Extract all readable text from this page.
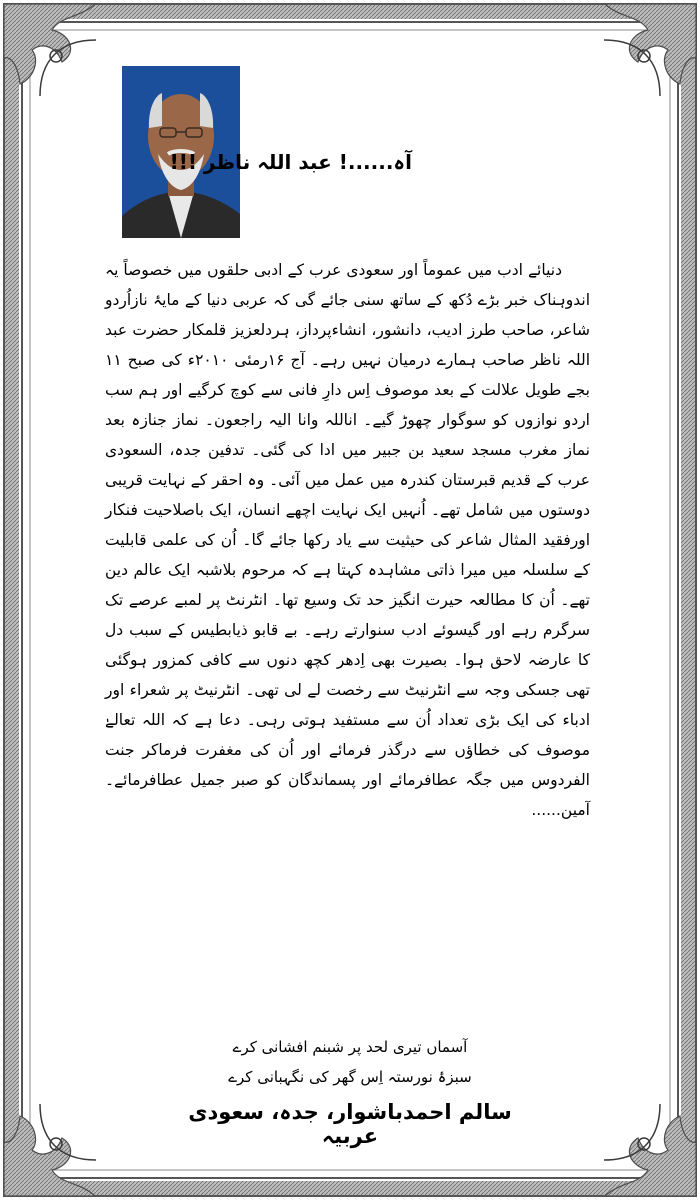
آہ......! عبد اللہ ناظر !!!

دنیائے ادب میں عموماً اور سعودی عرب کے ادبی حلقوں میں خصوصاً یہ اندوہناک خبر بڑے دُکھ کے ساتھ سنی جائے گی کہ عربی دنیا کے مایۂ نازاُردو شاعر، صاحب طرز ادیب، دانشور، انشاءپرداز، ہردلعزیز قلمکار حضرت عبد اللہ ناظر صاحب ہمارے درمیان نہیں رہے۔ آج ۱۶رمئی ۲۰۱۰ء کی صبح ۱۱ بجے طویل علالت کے بعد موصوف اِس دارِ فانی سے کوچ کرگیے اور ہم سب اردو نوازوں کو سوگوار چھوڑ گیے۔ اناللہ وانا الیہ راجعون۔ نماز جنازہ بعد نماز مغرب مسجد سعید بن جبیر میں ادا کی گئی۔ تدفین جدہ، السعودی عرب کے قدیم قبرستان کندرہ میں عمل میں آئی۔ وہ احقر کے نہایت قریبی دوستوں میں شامل تھے۔ اُنہیں ایک نہایت اچھے انسان، ایک باصلاحیت فنکار اورفقید المثال شاعر کی حیثیت سے یاد رکھا جائے گا۔ اُن کی علمی قابلیت کے سلسلہ میں میرا ذاتی مشاہدہ کہتا ہے کہ مرحوم بلاشبہ ایک عالم دین تھے۔ اُن کا مطالعہ حیرت انگیز حد تک وسیع تھا۔ انٹرنٹ پر لمبے عرصے تک سرگرم رہے اور گیسوئے ادب سنوارتے رہے۔ بے قابو ذیابطیس کے سبب دل کا عارضہ لاحق ہوا۔ بصیرت بھی اِدھر کچھ دنوں سے کافی کمزور ہوگئی تھی جسکی وجہ سے انٹرنیٹ سے رخصت لے لی تھی۔ انٹرنیٹ پر شعراء اور ادباء کی ایک بڑی تعداد اُن سے مستفید ہوتی رہی۔ دعا ہے کہ اللہ تعالےٰ موصوف کی خطاؤں سے درگذر فرمائے اور اُن کی مغفرت فرماکر جنت الفردوس میں جگہ عطافرمائے اور پسماندگان کو صبر جمیل عطافرمائے۔ آمین......

آسماں تیری لحد پر شبنم افشانی کرے
سبزۂ نورستہ اِس گھر کی نگہبانی کرے
سالم احمدباشوار، جدہ، سعودی عربیہ
